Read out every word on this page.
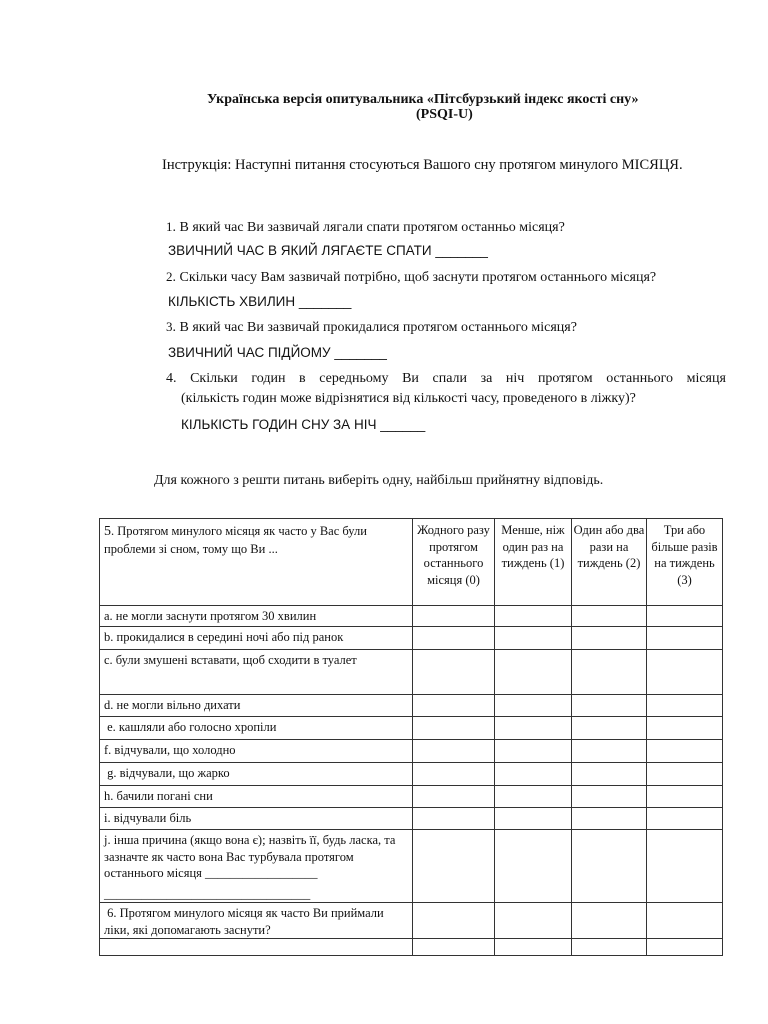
Українська версія опитувальника «Пітсбурзький індекс якості сну»
(PSQI-U)
Інструкція: Наступні питання стосуються Вашого сну протягом минулого МІСЯЦЯ.
1. В який час Ви зазвичай лягали спати протягом останньо місяця?
ЗВИЧНИЙ ЧАС В ЯКИЙ ЛЯГАЄТЕ СПАТИ _______
2. Скільки часу Вам зазвичай потрібно, щоб заснути протягом останнього місяця?
КІЛЬКІСТЬ ХВИЛИН _______
3. В який час Ви зазвичай прокидалися протягом останнього місяця?
ЗВИЧНИЙ ЧАС ПІДЙОМУ _______
4. Скільки годин в середньому Ви спали за ніч протягом останнього місяця
(кількість годин може відрізнятися від кількості часу, проведеного в ліжку)?
КІЛЬКІСТЬ ГОДИН СНУ ЗА НІЧ ______
Для кожного з решти питань виберіть одну, найбільш прийнятну відповідь.
5. Протягом минулого місяця як часто у Вас були проблеми зі сном, тому що Ви ...	Жодного разу протягом останнього місяця (0)	Менше, ніж один раз на тиждень (1)	Один або два рази на тиждень (2)	Три або більше разів на тиждень (3)
a. не могли заснути протягом 30 хвилин				
b. прокидалися в середині ночі або під ранок				
c. були змушені вставати, щоб сходити в туалет				
d. не могли вільно дихати				
e. кашляли або голосно хропіли				
f. відчували, що холодно				
g. відчували, що жарко				
h. бачили погані сни				
i. відчували біль				

j. інша причина (якщо вона є); назвіть її, будь ласка, та зазначте як часто вона Вас турбувала протягом останнього місяця __________________
_________________________________				

6. Протягом минулого місяця як часто Ви приймали ліки, які допомагають заснути?				
